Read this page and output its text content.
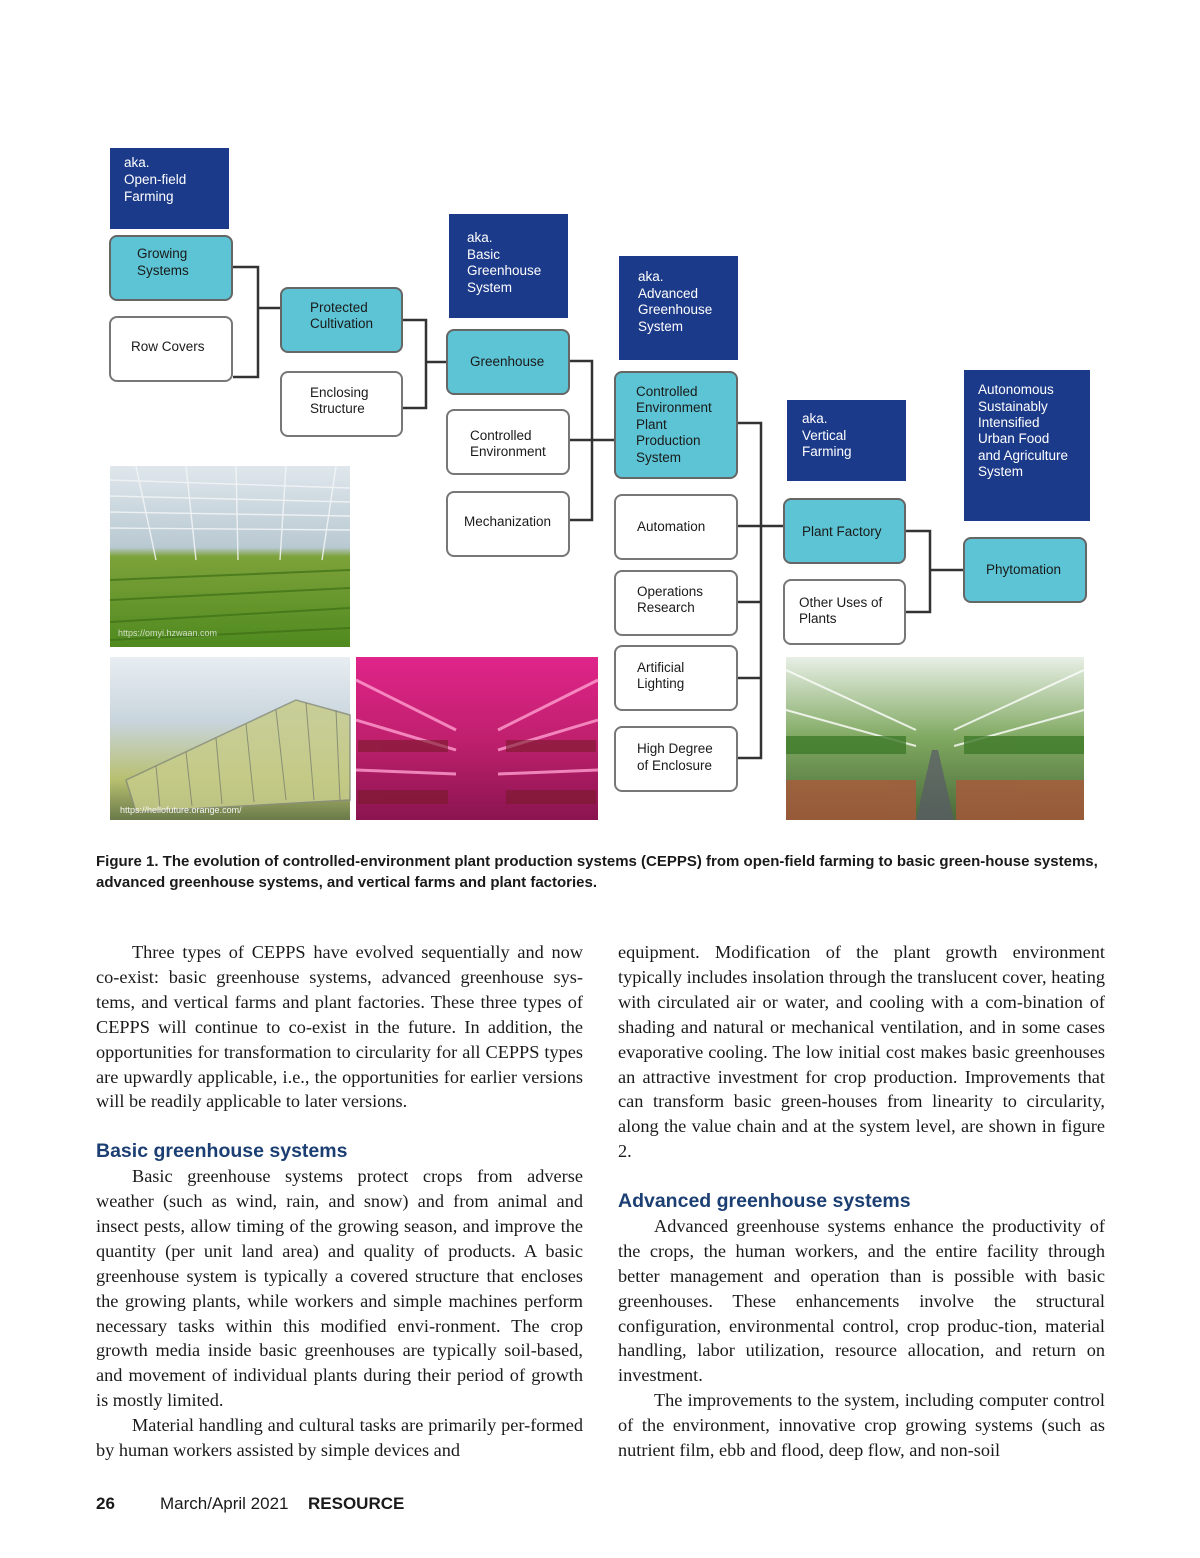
aka. Open-field Farming
aka. Basic Greenhouse System
aka. Advanced Greenhouse System
aka. Vertical Farming
Autonomous Sustainably Intensified Urban Food and Agriculture System
Growing Systems
Protected Cultivation
Greenhouse
Controlled Environment Plant Production System
Plant Factory
Phytomation
Row Covers
Enclosing Structure
Controlled Environment
Mechanization	Automation
Operations Research
Artificial Lighting
High Degree of Enclosure
Other Uses of Plants
https://omyi.hzwaan.com
https://hellofuture.orange.com/
Figure 1. The evolution of controlled-environment plant production systems (CEPPS) from open-field farming to basic green-house systems, advanced greenhouse systems, and vertical farms and plant factories.

Three types of CEPPS have evolved sequentially and now co-exist: basic greenhouse systems, advanced greenhouse sys-tems, and vertical farms and plant factories. These three types of CEPPS will continue to co-exist in the future. In addition, the opportunities for transformation to circularity for all CEPPS types are upwardly applicable, i.e., the opportunities for earlier versions will be readily applicable to later versions.

Basic greenhouse systems

Basic greenhouse systems protect crops from adverse weather (such as wind, rain, and snow) and from animal and insect pests, allow timing of the growing season, and improve the quantity (per unit land area) and quality of products. A basic greenhouse system is typically a covered structure that encloses the growing plants, while workers and simple machines perform necessary tasks within this modified envi-ronment. The crop growth media inside basic greenhouses are typically soil-based, and movement of individual plants during their period of growth is mostly limited.

Material handling and cultural tasks are primarily per-formed by human workers assisted by simple devices and

equipment. Modification of the plant growth environment typically includes insolation through the translucent cover, heating with circulated air or water, and cooling with a com-bination of shading and natural or mechanical ventilation, and in some cases evaporative cooling. The low initial cost makes basic greenhouses an attractive investment for crop production. Improvements that can transform basic green-houses from linearity to circularity, along the value chain and at the system level, are shown in figure 2.

Advanced greenhouse systems

Advanced greenhouse systems enhance the productivity of the crops, the human workers, and the entire facility through better management and operation than is possible with basic greenhouses. These enhancements involve the structural configuration, environmental control, crop produc-tion, material handling, labor utilization, resource allocation, and return on investment.

The improvements to the system, including computer control of the environment, innovative crop growing systems (such as nutrient film, ebb and flood, deep flow, and non-soil

26	March/April 2021	RESOURCE
